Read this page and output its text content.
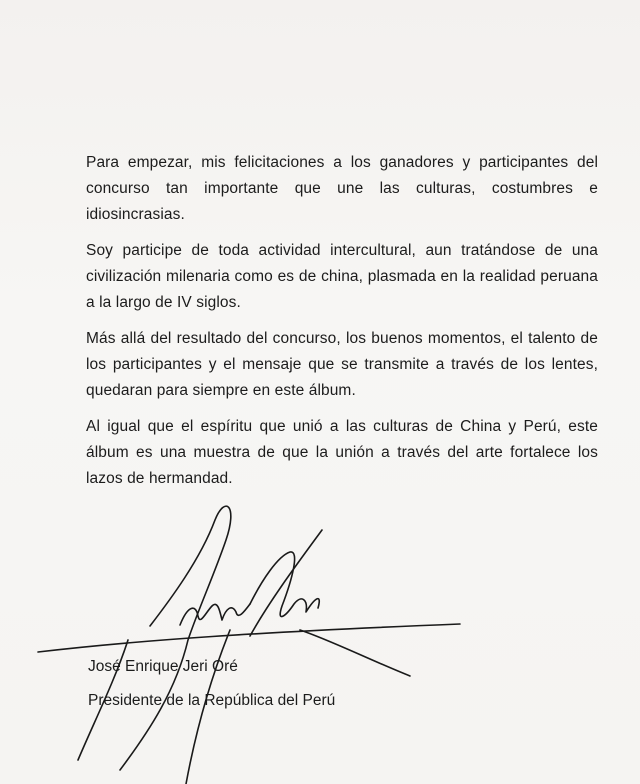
Para empezar, mis felicitaciones a los ganadores y participantes del concurso tan importante que une las culturas, costumbres e idiosincrasias.

Soy participe de toda actividad intercultural, aun tratándose de una civilización milenaria como es de china, plasmada en la realidad peruana a la largo de IV siglos.

Más allá del resultado del concurso, los buenos momentos, el talento de los participantes y el mensaje que se transmite a través de los lentes, quedaran para siempre en este álbum.

Al igual que el espíritu que unió a las culturas de China y Perú, este álbum es una muestra de que la unión a través del arte fortalece los lazos de hermandad.

José Enrique Jeri Oré

Presidente de la República del Perú
